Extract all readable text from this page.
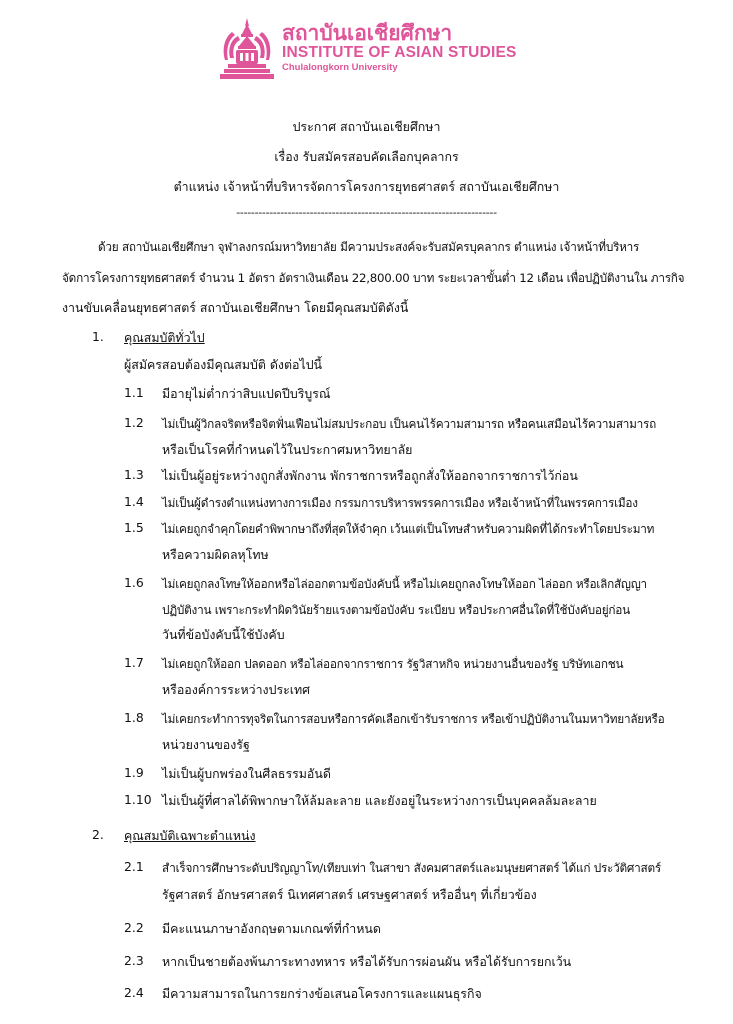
สถาบันเอเชียศึกษา
INSTITUTE OF ASIAN STUDIES
Chulalongkorn University
ประกาศ สถาบันเอเชียศึกษา
เรื่อง รับสมัครสอบคัดเลือกบุคลากร
ตำแหน่ง เจ้าหน้าที่บริหารจัดการโครงการยุทธศาสตร์ สถาบันเอเชียศึกษา
-----------------------------------------------------------------------
ด้วย สถาบันเอเชียศึกษา จุฬาลงกรณ์มหาวิทยาลัย มีความประสงค์จะรับสมัครบุคลากร ตำแหน่ง เจ้าหน้าที่บริหาร
จัดการโครงการยุทธศาสตร์ จำนวน 1 อัตรา อัตราเงินเดือน 22,800.00 บาท ระยะเวลาขั้นต่ำ 12 เดือน เพื่อปฏิบัติงานใน ภารกิจ
งานขับเคลื่อนยุทธศาสตร์ สถาบันเอเชียศึกษา โดยมีคุณสมบัติดังนี้
1. คุณสมบัติทั่วไป
ผู้สมัครสอบต้องมีคุณสมบัติ ดังต่อไปนี้
1.1 มีอายุไม่ต่ำกว่าสิบแปดปีบริบูรณ์
1.2 ไม่เป็นผู้วิกลจริตหรือจิตฟั่นเฟือนไม่สมประกอบ เป็นคนไร้ความสามารถ หรือคนเสมือนไร้ความสามารถ
หรือเป็นโรคที่กำหนดไว้ในประกาศมหาวิทยาลัย
1.3 ไม่เป็นผู้อยู่ระหว่างถูกสั่งพักงาน พักราชการหรือถูกสั่งให้ออกจากราชการไว้ก่อน
1.4 ไม่เป็นผู้ดำรงตำแหน่งทางการเมือง กรรมการบริหารพรรคการเมือง หรือเจ้าหน้าที่ในพรรคการเมือง
1.5 ไม่เคยถูกจำคุกโดยคำพิพากษาถึงที่สุดให้จำคุก เว้นแต่เป็นโทษสำหรับความผิดที่ได้กระทำโดยประมาท
หรือความผิดลหุโทษ
1.6 ไม่เคยถูกลงโทษให้ออกหรือไล่ออกตามข้อบังคับนี้ หรือไม่เคยถูกลงโทษให้ออก ไล่ออก หรือเลิกสัญญา
ปฏิบัติงาน เพราะกระทำผิดวินัยร้ายแรงตามข้อบังคับ ระเบียบ หรือประกาศอื่นใดที่ใช้บังคับอยู่ก่อน
วันที่ข้อบังคับนี้ใช้บังคับ
1.7 ไม่เคยถูกให้ออก ปลดออก หรือไล่ออกจากราชการ รัฐวิสาหกิจ หน่วยงานอื่นของรัฐ บริษัทเอกชน
หรือองค์การระหว่างประเทศ
1.8 ไม่เคยกระทำการทุจริตในการสอบหรือการคัดเลือกเข้ารับราชการ หรือเข้าปฏิบัติงานในมหาวิทยาลัยหรือ
หน่วยงานของรัฐ
1.9 ไม่เป็นผู้บกพร่องในศีลธรรมอันดี
1.10 ไม่เป็นผู้ที่ศาลได้พิพากษาให้ล้มละลาย และยังอยู่ในระหว่างการเป็นบุคคลล้มละลาย
2. คุณสมบัติเฉพาะตำแหน่ง
2.1 สำเร็จการศึกษาระดับปริญญาโท/เทียบเท่า ในสาขา สังคมศาสตร์และมนุษยศาสตร์ ได้แก่ ประวัติศาสตร์
รัฐศาสตร์ อักษรศาสตร์ นิเทศศาสตร์ เศรษฐศาสตร์ หรืออื่นๆ ที่เกี่ยวข้อง
2.2 มีคะแนนภาษาอังกฤษตามเกณฑ์ที่กำหนด
2.3 หากเป็นชายต้องพ้นภาระทางทหาร หรือได้รับการผ่อนผัน หรือได้รับการยกเว้น
2.4 มีความสามารถในการยกร่างข้อเสนอโครงการและแผนธุรกิจ
